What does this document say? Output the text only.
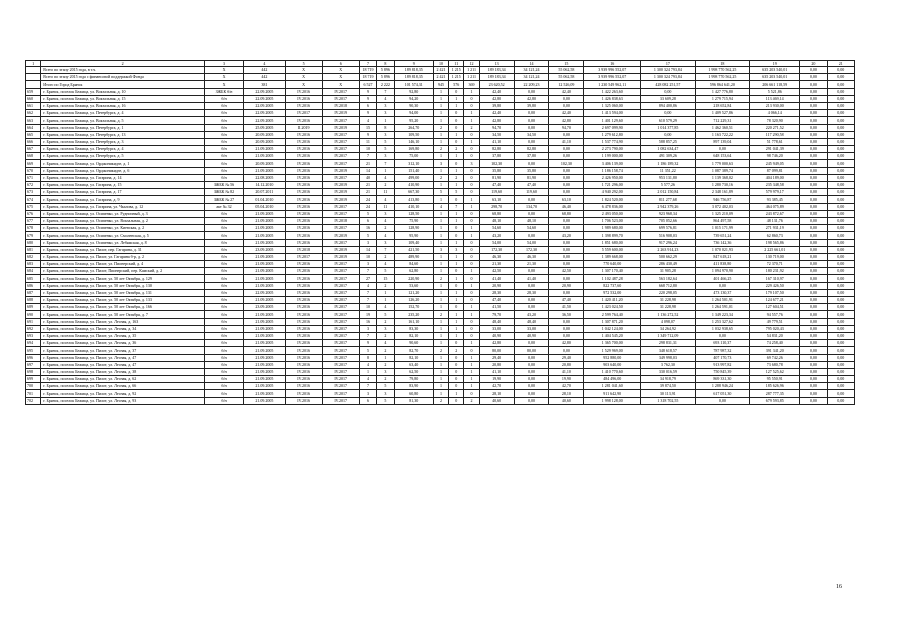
1	2	3	4	5	6	7	8	9	10	11	12	13	14	15	16	17	18	19	20	21
	Всего по этапу 2015 года, в т.ч.	X	442	X	X	18 719	5 896	189 818,35	2 421	1 215	1 211	189 183,34	34 121,24	55 062,58	3 939 996 552,07	1 300 324 793,84	1 998 770 562,25	635 203 540,01	0,00	0,00
	Всего по этапу 2015 года с финансовой поддержкой Фонда	X	442	X	X	18 719	5 896	189 818,35	2 421	1 215	1 211	189 183,34	34 121,24	55 062,58	3 939 996 552,07	1 300 324 793,84	1 998 770 562,25	635 203 540,01	0,00	0,00
	Итого по Город Брянск	X	381	X	X	6 527	2 222	101 574,31	945	576	369	23 620,52	22 209,23	12 526,09	1 230 549 962,11	428 082 251,57	596 864 641,20	206 661 118,59	0,00	0,00
659	г. Брянск, поселок Бежица, ул. Вокзальная, д. 10	ЗЖБК б/н	22.09.2005	IV.2016	IV.2017	9	7	92,80	1	0	1	42,40	0,00	42,40	1 422 263,60	0,00	1 427 776,80	5 521,86	0,00	0,00
660	г. Брянск, поселок Бежица, ул. Вокзальная, д. 15	б/н	22.09.2005	IV.2016	IV.2017	9	4	94,20	1	1	0	42,80	42,80	0,00	1 426 838,63	33 609,28	1 279 715,94	113 469,14	0,00	0,00
661	г. Брянск, поселок Бежица, ул. Вокзальная, д. 16	б/н	22.09.2005	IV.2016	IV.2018	6	3	90,30	1	1	0	39,80	39,80	0,00	1 325 060,00	894 400,86	218 652,84	213 930,00	0,00	0,00
662	г. Брянск, поселок Бежица, ул. Петербурга, д. 4	б/н	22.09.2005	IV.2017	IV.2019	9	3	94,00	1	0	1	42,40	0,00	42,40	1 413 594,00	0,00	1 409 527,86	4 066,14	0,00	0,00
663	г. Брянск, поселок Бежица, ул. Вокзальная, д. 5	б/н	22.09.2005	IV.2016	IV.2017	4	1	95,20	1	0	1	42,80	0,00	42,80	1 401 129,60	610 579,29	712 229,31	78 320,90	0,00	0,00
664	г. Брянск, поселок Бежица, ул. Петербурга, д. 1	б/н	25.09.2005	II.2019	IV.2019	15	8	264,70	2	0	2	94,70	0,00	94,70	2 697 099,90	1 014 377,85	1 462 360,51	220 271,52	0,00	0,00
665	г. Брянск, поселок Бежица, ул. Петербурга, д. 13	б/н	20.09.2005	IV.2016	IV.2017	9	3	109,50	1	1	0	34,50	34,50	0,00	1 279 612,80	0,00	1 163 722,22	117 290,58	0,00	0,00
666	г. Брянск, поселок Бежица, ул. Петербурга, д. 3	б/н	20.09.2005	IV.2016	IV.2017	11	5	146,10	1	0	1	41,10	0,00	41,10	1 537 774,90	588 857,25	897 139,04	51 778,61	0,00	0,00
667	г. Брянск, поселок Бежица, ул. Петербурга, д. 4	б/н	21.09.2005	IV.2016	IV.2017	10	5	169,80	2	2	0	82,80	82,80	0,00	2 273 790,00	1 082 634,47	0,00	291 041,39	0,00	0,00
668	г. Брянск, поселок Бежица, ул. Петербурга, д. 5	б/н	21.09.2005	IV.2016	IV.2017	7	3	75,00	1	1	0	37,80	37,80	0,00	1 199 000,00	491 309,26	648 153,64	98 746,20	0,00	0,00
669	г. Брянск, поселок Бежица, ул. Орджоникидзе, д. 1	б/н	20.09.2005	IV.2016	IV.2017	21	7	312,10	3	0	3	102,30	0,00	102,30	3 406 139,00	1 186 189,32	1 779 000,63	245 949,05	0,00	0,00
670	г. Брянск, поселок Бежица, ул. Орджоникидзе, д. 6	б/н	21.09.2005	IV.2016	IV.2019	14	1	151,40	1	1	0	35,80	35,80	0,00	1 186 158,74	11 351,22	1 087 389,74	87 099,81	0,00	0,00
671	г. Брянск, поселок Бежица, ул. Гагарина, д. 14	б/н	22.08.2005	IV.2016	IV.2017	40	4	499,00	2	2	0	81,90	81,90	0,00	2 426 950,00	953 131,80	1 139 368,02	404 189,00	0,00	0,00
672	г. Брянск, поселок Бежица, ул. Гагарина, д. 15	ЗЖБК № 56	14.12.2010	IV.2016	IV.2019	21	2	410,90	1	1	0	47,40	47,40	0,00	1 721 296,00	5 577,26	1 280 730,16	235 348,58	0,00	0,00
673	г. Брянск, поселок Бежица, ул. Гагарина, д. 17	ЗЖБК № 82	20.07.2011	IV.2016	IV.2019	21	11	667,30	5	5	0	119,60	119,60	0,00	4 940 292,00	2 012 150,84	2 348 161,89	579 979,17	0,00	0,00
674	г. Брянск, поселок Бежица, ул. Гагарина, д. 9	ЗЖБК № 27	01.04.2010	IV.2016	IV.2019	24	4	413,80	1	0	1	63,10	0,00	63,10	1 824 520,00	811 277,68	946 756,87	93 385,45	0,00	0,00
675	г. Брянск, поселок Бежица, ул. Гагарина, ул. Чкалова, д. 12	акт № 32	05.04.2010	IV.2016	IV.2017	24	11	410,10	4	7	1	298,70	134,70	46,40	6 478 836,00	2 942 379,26	3 072 402,03	464 075,89	0,00	0,00
676	г. Брянск, поселок Бежица, ул. Осипенко, ул. Рудничный, д. 3	б/н	21.09.2005	IV.2016	IV.2017	5	3	128,50	1	1	0	68,80	0,00	68,80	2 493 050,00	923 968,34	1 325 210,09	243 872,67	0,00	0,00
677	г. Брянск, поселок Бежица, ул. Осипенко, ул. Вокзальная, д. 2	б/н	21.09.2005	IV.2016	IV.2018	6	4	75,90	1	1	0	48,10	48,10	0,00	1 706 523,00	705 052,66	864 497,58	48 131,76	0,00	0,00
678	г. Брянск, поселок Бежица, ул. Осипенко, ул. Киевская, д. 2	б/н	21.09.2005	IV.2016	IV.2017	16	2	128,90	1	0	1	54,60	54,60	0,00	1 989 680,00	699 576,81	1 015 171,99	271 931,19	0,00	0,00
679	г. Брянск, поселок Бежица, ул. Осипенко, ул. Смоленская, д. 5	б/н	21.09.2005	IV.2016	IV.2019	5	4	95,90	1	0	1	43,20	0,00	43,20	1 398 899,70	516 908,03	739 651,24	62 860,73	0,00	0,00
680	г. Брянск, поселок Бежица, ул. Осипенко, ул. Лебяжская, д. 8	б/н	21.09.2005	IV.2016	IV.2017	3	3	109,40	1	1	0	54,00	54,00	0,00	1 851 680,00	917 296,24	736 142,36	198 565,86	0,00	0,00
681	г. Брянск, поселок Бежица, ул. Пилот, пер. Гагарина, д. 31	б/н	23.09.2005	IV.2018	IV.2019	14	7	421,50	3	3	0	172,30	172,30	0,00	5 559 600,00	2 263 914,23	1 070 021,93	2 225 661,01	0,00	0,00
682	г. Брянск, поселок Бежица, ул. Пилот, ул. Гагарина б-р, д. 2	б/н	21.09.2005	IV.2017	IV.2019	10	2	489,90	1	1	0	46,30	46,30	0,00	1 389 668,00	500 662,29	847 618,21	130 719,00	0,00	0,00
683	г. Брянск, поселок Бежица, ул. Пилот, ул. Пионерский, д. 4	б/н	21.09.2005	IV.2016	IV.2017	3	4	84,60	1	1	0	21,30	21,30	0,00	770 640,00	286 430,49	411 838,80	72 370,71	0,00	0,00
684	г. Брянск, поселок Бежица, ул. Пилот, Пионерский, пер. Камский, д. 2	б/н	21.09.2005	IV.2016	IV.2017	7	5	62,80	1	0	1	42,50	0,00	42,50	1 307 170,40	31 905,28	1 094 970,90	180 231,92	0,00	0,00
685	г. Брянск, поселок Бежица, ул. Пилот, ул. 50 лет Октября, д. 129	б/н	21.09.2005	IV.2016	IV.2017	27	15	220,90	2	1	0	41,40	41,40	0,00	1 102 487,28	563 182,64	401 466,25	167 310,97	0,00	0,00
686	г. Брянск, поселок Бежица, ул. Пилот, ул. 50 лет Октября, д. 130	б/н	21.09.2005	IV.2016	IV.2017	4	2	53,60	1	0	1	20,90	0,00	20,90	822 737,60	668 712,80	0,00	229 426,50	0,00	0,00
687	г. Брянск, поселок Бежица, ул. Пилот, ул. 50 лет Октября, д. 131	б/н	22.09.2005	IV.2016	IV.2017	7	1	121,20	1	1	0	28,30	28,30	0,00	972 532,00	220 298,05	473 130,37	179 107,50	0,00	0,00
688	г. Брянск, поселок Бежица, ул. Пилот, ул. 50 лет Октября, д. 133	б/н	21.09.2005	IV.2016	IV.2017	7	1	126,20	1	1	0	47,40	0,00	47,40	1 420 411,20	31 228,98	1 264 501,91	124 677,21	0,00	0,00
689	г. Брянск, поселок Бежица, ул. Пилот, ул. 50 лет Октября, д. 166	б/н	23.09.2005	IV.2016	IV.2017	10	4	152,70	1	0	1	41,50	0,00	41,50	1 423 024,50	31 228,98	1 264 591,01	127 604,51	0,00	0,00
690	г. Брянск, поселок Бежица, ул. Пилот, ул. 50 лет Октября, д. 7	б/н	21.09.2005	IV.2016	IV.2017	19	5	235,20	2	1	1	79,70	43,20	36,50	2 599 764,40	1 136 272,52	1 349 223,34	94 557,76	0,00	0,00
691	г. Брянск, поселок Бежица, ул. Пилот, ул. Лесная, д. 163	б/н	21.09.2005	IV.2016	IV.2017	16	2	161,10	1	1	0	48,40	48,40	0,00	1 307 871,20	4 098,07	1 253 327,62	49 779,51	0,00	0,00
692	г. Брянск, поселок Бежица, ул. Пилот, ул. Лесная, д. 34	б/н	21.09.2005	IV.2016	IV.2017	3	3	83,30	1	1	0	33,00	33,00	0,00	1 042 124,00	34 264,92	1 032 938,65	795 020,43	0,00	0,00
693	г. Брянск, поселок Бежица, ул. Пилот, ул. Лесная, д. 35	б/н	21.09.2005	IV.2016	IV.2017	7	2	82,10	1	1	0	40,90	40,90	0,00	1 404 545,20	1 349 712,09	0,00	54 831,20	0,00	0,00
694	г. Брянск, поселок Бежица, ул. Пилот, ул. Лесная, д. 36	б/н	21.09.2005	IV.2016	IV.2017	9	4	90,60	1	0	1	42,80	0,00	42,80	1 365 700,00	298 831,31	693 110,37	74 258,40	0,00	0,00
695	г. Брянск, поселок Бежица, ул. Пилот, ул. Лесная, д. 37	б/н	21.09.2005	IV.2016	IV.2017	5	2	82,70	2	2	0	80,00	80,00	0,00	1 529 969,00	348 618,57	787 987,32	391 341,20	0,00	0,00
696	г. Брянск, поселок Бежица, ул. Пилот, ул. Лесная, д. 47	б/н	21.09.2005	IV.2016	IV.2017	8	1	82,10	1	0	1	29,40	0,00	29,40	952 880,00	349 998,03	407 170,73	69 742,26	0,00	0,00
697	г. Брянск, поселок Бежица, ул. Пилот, ул. Лесная, д. 47	б/н	21.09.2005	IV.2016	IV.2017	4	2	63,40	1	0	1	20,80	0,00	20,80	903 640,00	3 762,30	913 997,82	73 680,78	0,00	0,00
698	г. Брянск, поселок Бежица, ул. Пилот, ул. Лесная, д. 38	б/н	21.09.2005	IV.2016	IV.2017	1	3	62,50	1	0	1	41,10	0,00	41,10	1 410 770,60	330 016,59	750 845,39	127 525,62	0,00	0,00
699	г. Брянск, поселок Бежица, ул. Пилот, ул. Лесная, д. 62	б/н	21.09.2005	IV.2016	IV.2017	4	2	79,80	1	0	1	19,90	0,00	19,90	484 496,00	34 918,79	869 331,30	95 550,91	0,00	0,00
700	г. Брянск, поселок Бежица, ул. Пилот, ул. Лесная, д. 66	б/н	21.09.2005	IV.2016	IV.2017	7	5	83,90	1	0	1	42,70	0,00	42,70	1 281 041,60	39 874,50	1 288 946,24	185 626,96	0,00	0,00
701	г. Брянск, поселок Бежица, ул. Пилот, ул. Лесная, д. 92	б/н	21.09.2005	IV.2016	IV.2017	3	3	60,80	1	1	0	28,10	0,00	28,10	911 642,90	30 113,91	617 051,30	287 777,35	0,00	0,00
702	г. Брянск, поселок Бежица, ул. Пилот, ул. Лесная, д. 93	б/н	21.09.2005	IV.2016	IV.2017	6	5	81,30	2	0	2	40,60	0,00	40,60	1 998 128,00	1 318 702,55	0,00	679 593,85	0,00	0,00
16
